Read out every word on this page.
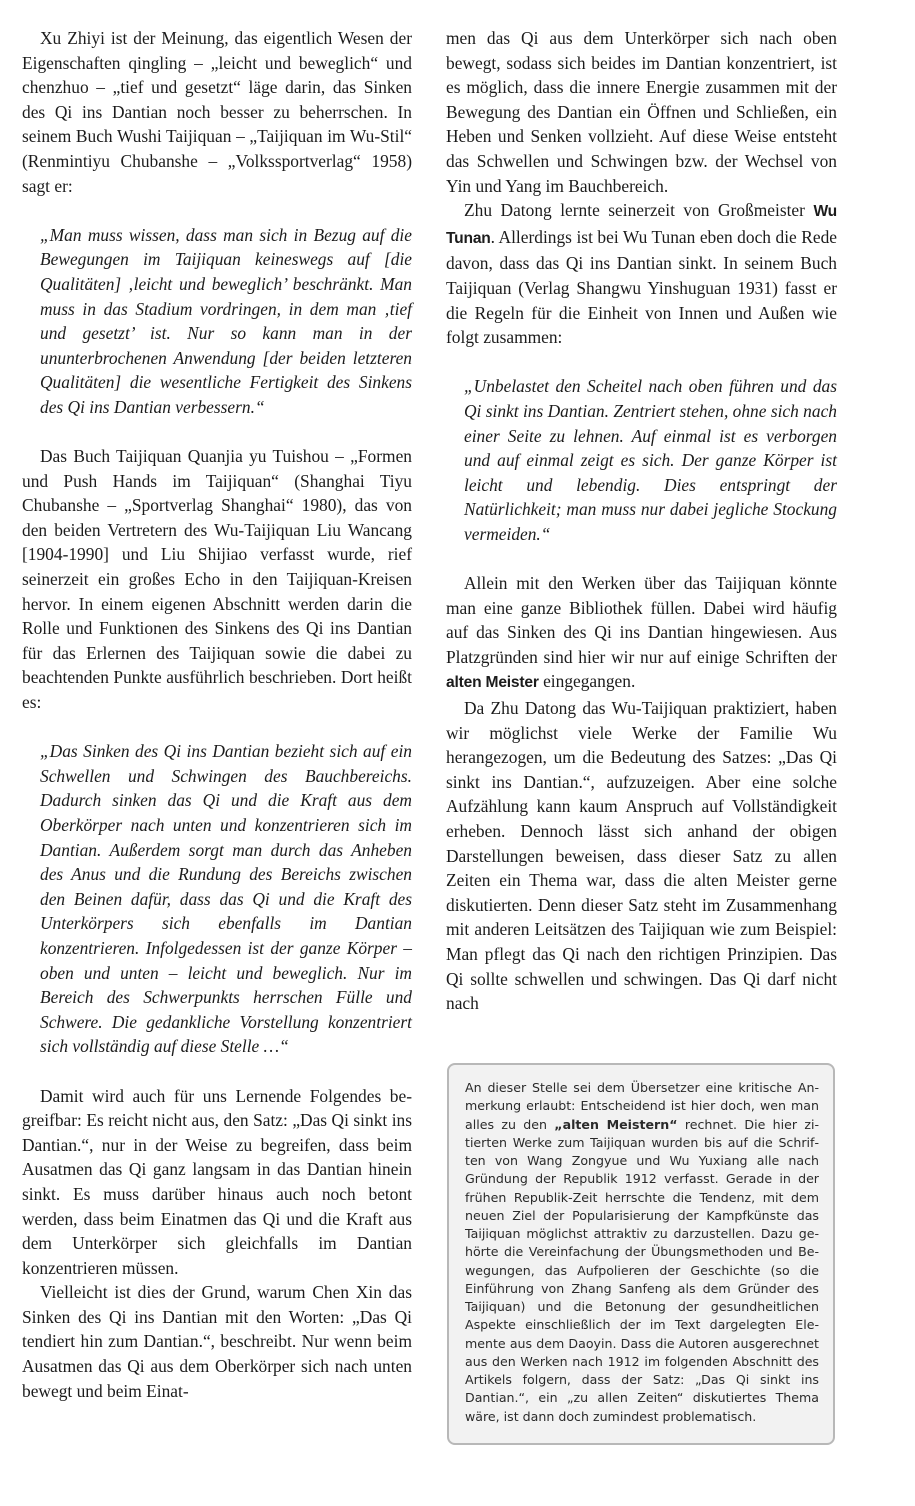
Xu Zhiyi ist der Meinung, das eigentlich Wesen der Eigenschaften qingling – „leicht und beweglich“ und chenzhuo – „tief und gesetzt“ läge darin, das Sinken des Qi ins Dantian noch besser zu beherrschen. In seinem Buch Wushi Taijiquan – „Taijiquan im Wu-Stil“ (Renmintiyu Chubanshe – „Volkssportverlag“ 1958) sagt er:

„Man muss wissen, dass man sich in Bezug auf die Bewegungen im Taijiquan keineswegs auf [die Qualitäten] ‚leicht und beweglich’ beschränkt. Man muss in das Stadium vordringen, in dem man ‚tief und gesetzt’ ist. Nur so kann man in der ununterbrochenen Anwendung [der beiden letzteren Qualitäten] die wesentliche Fertigkeit des Sinkens des Qi ins Dantian verbessern.“

Das Buch Taijiquan Quanjia yu Tuishou – „Formen und Push Hands im Taijiquan“ (Shanghai Tiyu Chubanshe – „Sportverlag Shanghai“ 1980), das von den beiden Vertretern des Wu-Taijiquan Liu Wancang [1904-1990] und Liu Shijiao verfasst wurde, rief seinerzeit ein großes Echo in den Taijiquan-Kreisen hervor. In einem eigenen Abschnitt werden darin die Rolle und Funktionen des Sinkens des Qi ins Dantian für das Erlernen des Taijiquan sowie die dabei zu beachtenden Punkte ausführlich beschrieben. Dort heißt es:

„Das Sinken des Qi ins Dantian bezieht sich auf ein Schwellen und Schwingen des Bauchbereichs. Dadurch sinken das Qi und die Kraft aus dem Oberkörper nach unten und konzentrieren sich im Dantian. Außerdem sorgt man durch das Anheben des Anus und die Rundung des Bereichs zwischen den Beinen dafür, dass das Qi und die Kraft des Unterkörpers sich ebenfalls im Dantian konzentrieren. Infolgedessen ist der ganze Körper – oben und unten – leicht und beweglich. Nur im Bereich des Schwerpunkts herrschen Fülle und Schwere. Die gedankliche Vorstellung konzentriert sich vollständig auf diese Stelle …“

Damit wird auch für uns Lernende Folgendes begreifbar: Es reicht nicht aus, den Satz: „Das Qi sinkt ins Dantian.“, nur in der Weise zu begreifen, dass beim Ausatmen das Qi ganz langsam in das Dantian hinein sinkt. Es muss darüber hinaus auch noch betont werden, dass beim Einatmen das Qi und die Kraft aus dem Unterkörper sich gleichfalls im Dantian konzentrieren müssen.

Vielleicht ist dies der Grund, warum Chen Xin das Sinken des Qi ins Dantian mit den Worten: „Das Qi tendiert hin zum Dantian.“, beschreibt. Nur wenn beim Ausatmen das Qi aus dem Oberkörper sich nach unten bewegt und beim Einat-

men das Qi aus dem Unterkörper sich nach oben bewegt, sodass sich beides im Dantian konzentriert, ist es möglich, dass die innere Energie zusammen mit der Bewegung des Dantian ein Öffnen und Schließen, ein Heben und Senken vollzieht. Auf diese Weise entsteht das Schwellen und Schwingen bzw. der Wechsel von Yin und Yang im Bauchbereich.

Zhu Datong lernte seinerzeit von Großmeister Wu Tunan. Allerdings ist bei Wu Tunan eben doch die Rede davon, dass das Qi ins Dantian sinkt. In seinem Buch Taijiquan (Verlag Shangwu Yinshuguan 1931) fasst er die Regeln für die Einheit von Innen und Außen wie folgt zusammen:

„Unbelastet den Scheitel nach oben führen und das Qi sinkt ins Dantian. Zentriert stehen, ohne sich nach einer Seite zu lehnen. Auf einmal ist es verborgen und auf einmal zeigt es sich. Der ganze Körper ist leicht und lebendig. Dies entspringt der Natürlichkeit; man muss nur dabei jegliche Stockung vermeiden.“

Allein mit den Werken über das Taijiquan könnte man eine ganze Bibliothek füllen. Dabei wird häufig auf das Sinken des Qi ins Dantian hingewiesen. Aus Platzgründen sind hier wir nur auf einige Schriften der alten Meister eingegangen.

Da Zhu Datong das Wu-Taijiquan praktiziert, haben wir möglichst viele Werke der Familie Wu herangezogen, um die Bedeutung des Satzes: „Das Qi sinkt ins Dantian.“, aufzuzeigen. Aber eine solche Aufzählung kann kaum Anspruch auf Vollständigkeit erheben. Dennoch lässt sich anhand der obigen Darstellungen beweisen, dass dieser Satz zu allen Zeiten ein Thema war, dass die alten Meister gerne diskutierten. Denn dieser Satz steht im Zusammenhang mit anderen Leitsätzen des Taijiquan wie zum Beispiel: Man pflegt das Qi nach den richtigen Prinzipien. Das Qi sollte schwellen und schwingen. Das Qi darf nicht nach

An dieser Stelle sei dem Übersetzer eine kritische Anmerkung erlaubt: Entscheidend ist hier doch, wen man alles zu den „alten Meistern“ rechnet. Die hier zitierten Werke zum Taijiquan wurden bis auf die Schriften von Wang Zongyue und Wu Yuxiang alle nach Gründung der Republik 1912 verfasst. Gerade in der frühen Republik-Zeit herrschte die Tendenz, mit dem neuen Ziel der Popularisierung der Kampfkünste das Taijiquan möglichst attraktiv zu darzustellen. Dazu gehörte die Vereinfachung der Übungsmethoden und Bewegungen, das Aufpolieren der Geschichte (so die Einführung von Zhang Sanfeng als dem Gründer des Taijiquan) und die Betonung der gesundheitlichen Aspekte einschließlich der im Text dargelegten Elemente aus dem Daoyin. Dass die Autoren ausgerechnet aus den Werken nach 1912 im folgenden Abschnitt des Artikels folgern, dass der Satz: „Das Qi sinkt ins Dantian.“, ein „zu allen Zeiten“ diskutiertes Thema wäre, ist dann doch zumindest problematisch.
